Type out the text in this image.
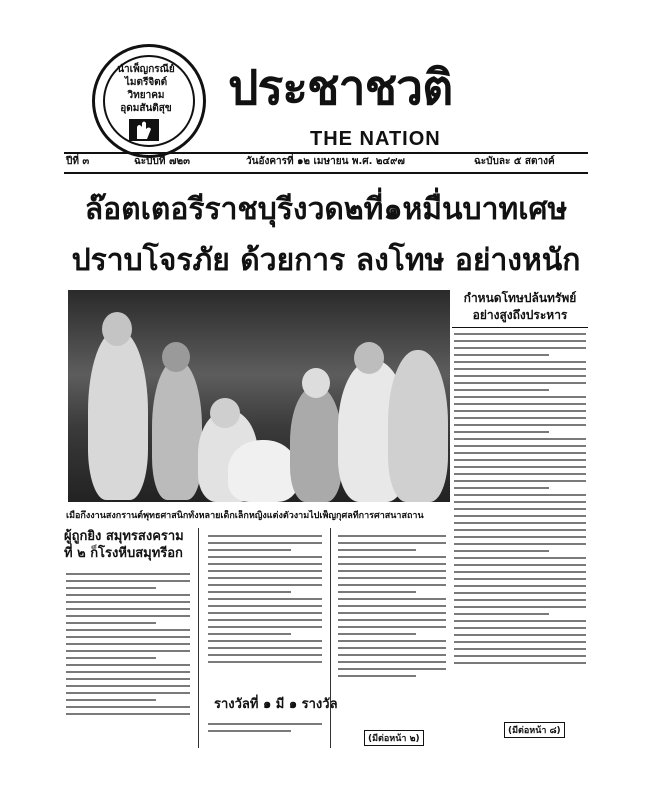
นำเพ็ญกรณีย์
ไมตรีจิตต์
วิทยาคม
อุดมสันติสุข ประชาชวติ
THE NATION
ปีที่ ๓	ฉะบับที่ ๗๒๓	วันอังคารที่ ๑๒ เมษายน พ.ศ. ๒๔๙๗	ฉะบับละ ๕ สตางค์
ล๊อตเตอรีราชบุรีงวด๒ที่๑หมื่นบาทเศษ
ปราบโจรภัย ด้วยการ ลงโทษ อย่างหนัก
เมื่อกึ่งงานสงกรานต์พุทธศาสนิกทั้งหลายเด็กเล็กหญิงแต่งตัวงามไปเพ็ญกุศลที่การศาสนาสถาน
กำหนดโทษปล้นทรัพย์
อย่างสูงถึงประหาร
(มีต่อหน้า ๘)
ผู้ถูกยิง สมุทรสงคราม
ที่ ๒ ก็โรงหีบสมุทรีอก
รางวัลที่ ๑ มี ๑ รางวัล
(มีต่อหน้า ๒)
